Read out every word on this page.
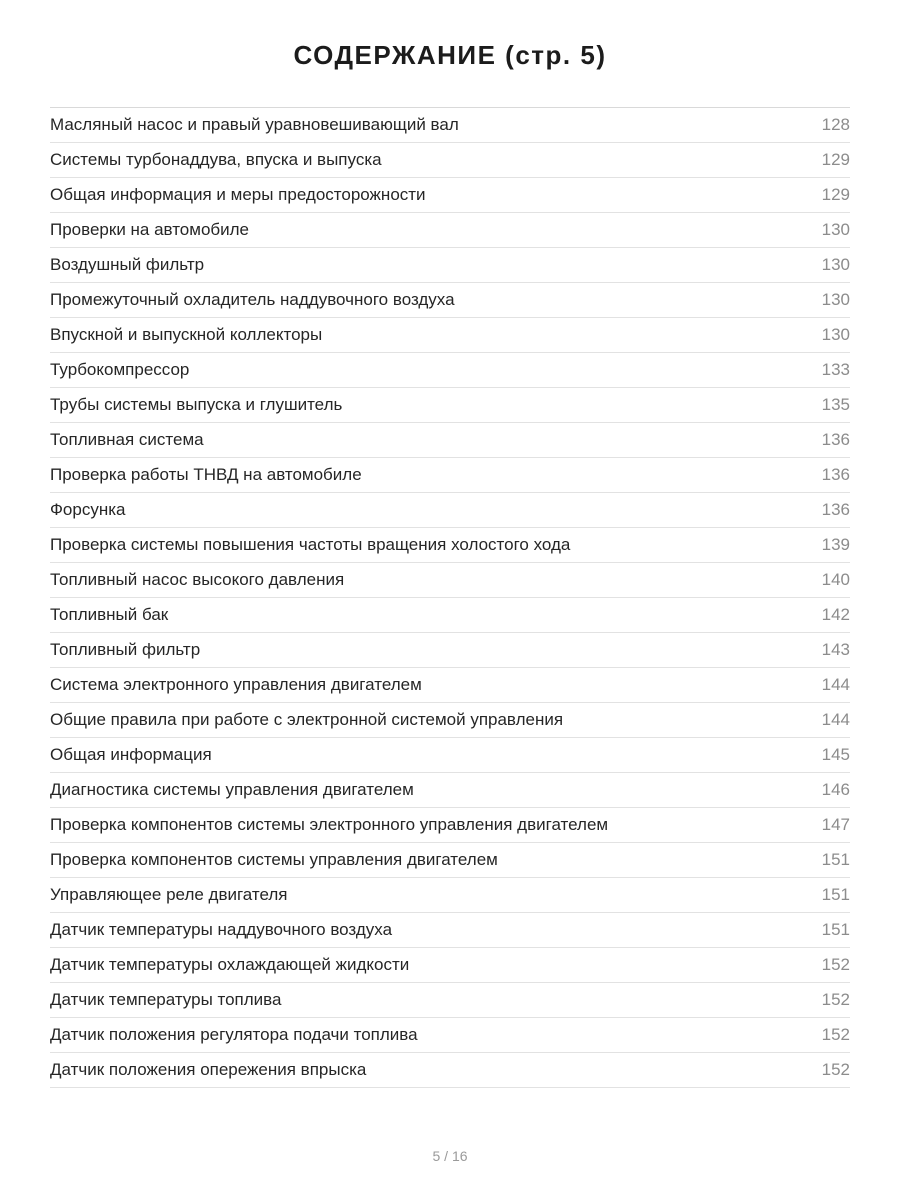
СОДЕРЖАНИЕ (стр. 5)
Масляный насос и правый уравновешивающий вал	128
Системы турбонаддува, впуска и выпуска	129
Общая информация и меры предосторожности	129
Проверки на автомобиле	130
Воздушный фильтр	130
Промежуточный охладитель наддувочного воздуха	130
Впускной и выпускной коллекторы	130
Турбокомпрессор	133
Трубы системы выпуска и глушитель	135
Топливная система	136
Проверка работы ТНВД на автомобиле	136
Форсунка	136
Проверка системы повышения частоты вращения холостого хода	139
Топливный насос высокого давления	140
Топливный бак	142
Топливный фильтр	143
Система электронного управления двигателем	144
Общие правила при работе с электронной системой управления	144
Общая информация	145
Диагностика системы управления двигателем	146
Проверка компонентов системы электронного управления двигателем	147
Проверка компонентов системы управления двигателем	151
Управляющее реле двигателя	151
Датчик температуры наддувочного воздуха	151
Датчик температуры охлаждающей жидкости	152
Датчик температуры топлива	152
Датчик положения регулятора подачи топлива	152
Датчик положения опережения впрыска	152
5 / 16
